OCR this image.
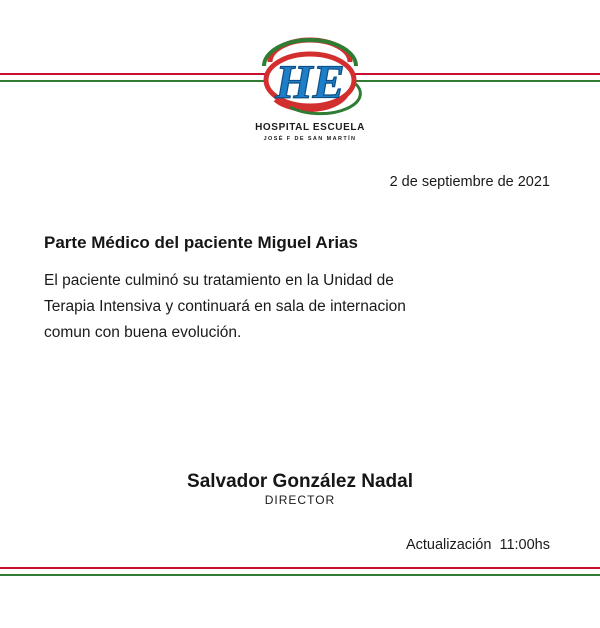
HE
HOSPITAL ESCUELA
JOSÉ F DE SAN MARTÍN
2 de septiembre de 2021
Parte Médico del paciente Miguel Arias
El paciente culminó su tratamiento en la Unidad de
Terapia Intensiva y continuará en sala de internacion
comun con buena evolución.
Salvador González Nadal
DIRECTOR
Actualización  11:00hs
